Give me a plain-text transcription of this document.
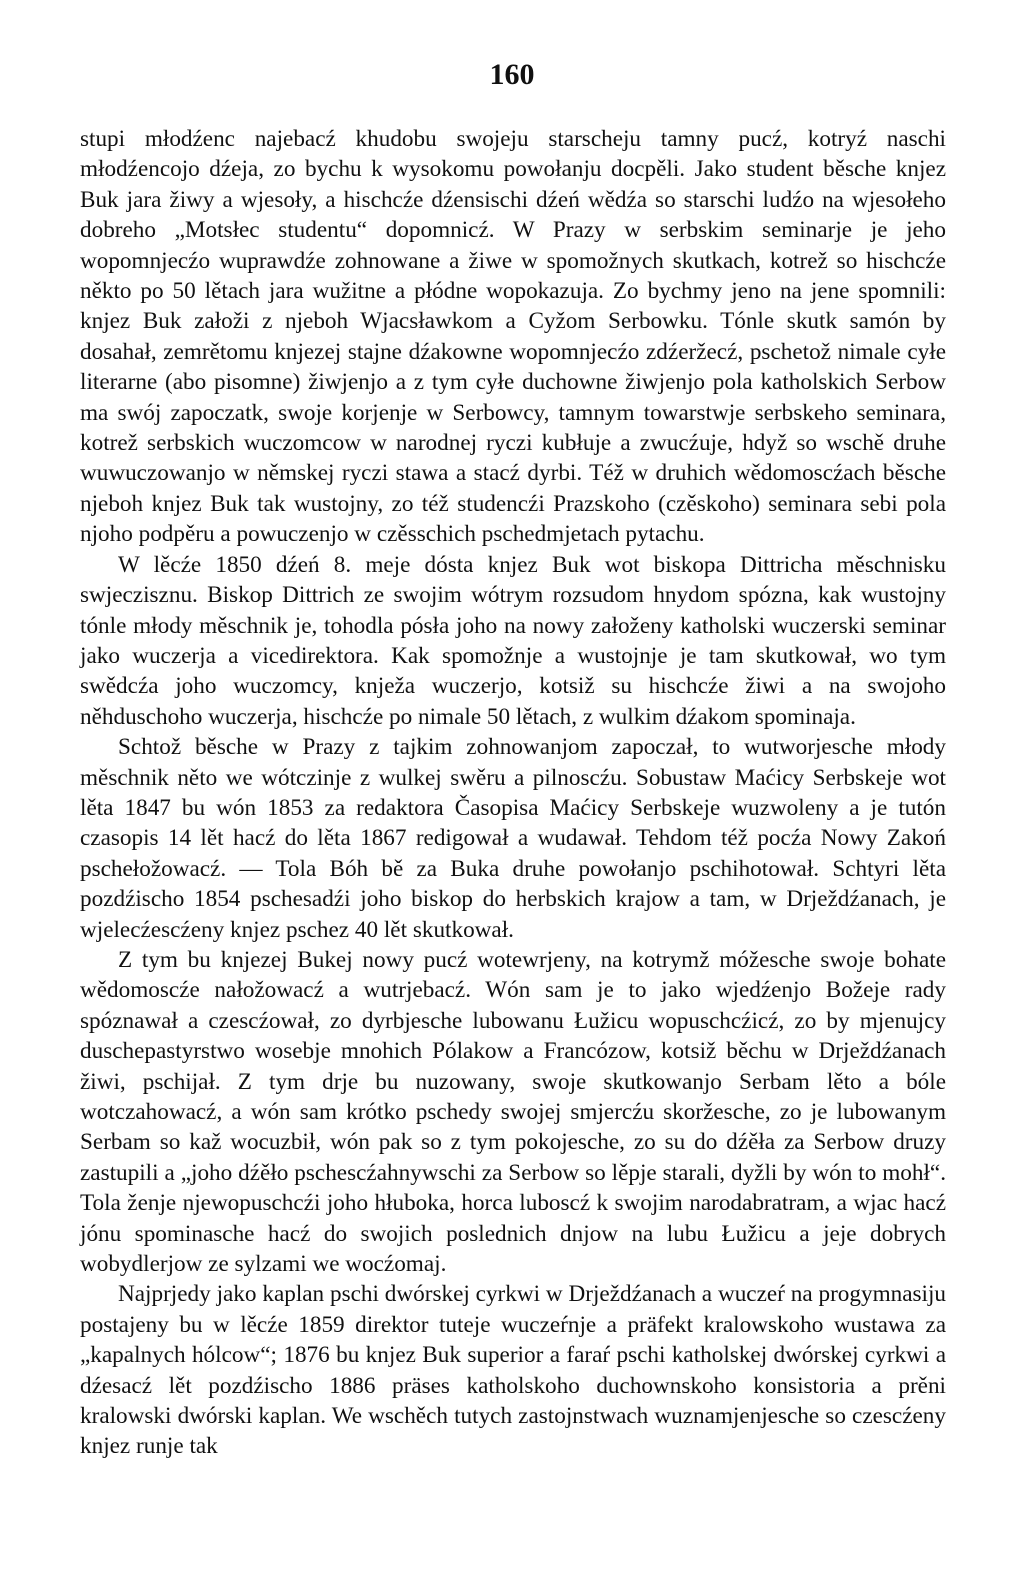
160

stupi młodźenc najebacź khudobu swojeju starscheju tamny pucź, kotryź naschi młodźencojo dźeja, zo bychu k wysokomu powołanju docpěli. Jako student běsche knjez Buk jara žiwy a wjesoły, a hischcźe dźensischi dźeń wědźa so starschi ludźo na wjesołeho dobreho „Motsłec studentu“ dopomnicź. W Prazy w serbskim seminarje je jeho wopomnjecźo wuprawdźe zohnowane a žiwe w spomožnych skutkach, kotrež so hischcźe někto po 50 lětach jara wužitne a płódne wopokazuja. Zo bychmy jeno na jene spomnili: knjez Buk załoži z njeboh Wjacsławkom a Cyžom Serbowku. Tónle skutk samón by dosahał, zemrětomu knjezej stajne dźakowne wopomnjecźo zdźeržecź, pschetož nimale cyłe literarne (abo pisomne) žiwjenjo a z tym cyłe duchowne žiwjenjo pola katholskich Serbow ma swój zapoczatk, swoje korjenje w Serbowcy, tamnym towarstwje serbskeho seminara, kotrež serbskich wuczomcow w narodnej ryczi kubłuje a zwucźuje, hdyž so wschě druhe wuwuczowanjo w němskej ryczi stawa a stacź dyrbi. Též w druhich wědomoscźach běsche njeboh knjez Buk tak wustojny, zo též studencźi Prazskoho (czěskoho) seminara sebi pola njoho podpěru a powuczenjo w czěsschich pschedmjetach pytachu.

W lěcźe 1850 dźeń 8. meje dósta knjez Buk wot biskopa Dittricha měschnisku swjeczisznu. Biskop Dittrich ze swojim wótrym rozsudom hnydom spózna, kak wustojny tónle młody měschnik je, tohodla pósła joho na nowy załoženy katholski wuczerski seminar jako wuczerja a vicedirektora. Kak spomožnje a wustojnje je tam skutkował, wo tym swědcźa joho wuczomcy, knježa wuczerjo, kotsiž su hischcźe žiwi a na swojoho něhduschoho wuczerja, hischcźe po nimale 50 lětach, z wulkim dźakom spominaja.

Schtož běsche w Prazy z tajkim zohnowanjom zapoczał, to wutworjesche młody měschnik něto we wótczinje z wulkej swěru a pilnoscźu. Sobustaw Maćicy Serbskeje wot lěta 1847 bu wón 1853 za redaktora Časopisa Maćicy Serbskeje wuzwoleny a je tutón czasopis 14 lět hacź do lěta 1867 redigował a wudawał. Tehdom též pocźa Nowy Zakoń pschełožowacź. — Tola Bóh bě za Buka druhe powołanjo pschihotował. Schtyri lěta pozdźischo 1854 pschesadźi joho biskop do herbskich krajow a tam, w Drježdźanach, je wjelecźescźeny knjez pschez 40 lět skutkował.

Z tym bu knjezej Bukej nowy pucź wotewrjeny, na kotrymž móžesche swoje bohate wědomoscźe nałožowacź a wutrjebacź. Wón sam je to jako wjedźenjo Božeje rady spóznawał a czescźował, zo dyrbjesche lubowanu Łužicu wopuschcźicź, zo by mjenujcy duschepastyrstwo wosebje mnohich Pólakow a Francózow, kotsiž běchu w Drježdźanach žiwi, pschijał. Z tym drje bu nuzowany, swoje skutkowanjo Serbam lěto a bóle wotczahowacź, a wón sam krótko pschedy swojej smjercźu skoržesche, zo je lubowanym Serbam so kaž wocuzbił, wón pak so z tym pokojesche, zo su do dźěła za Serbow druzy zastupili a „joho dźěło pschescźahnywschi za Serbow so lěpje starali, dyžli by wón to mohł“. Tola ženje njewopuschcźi joho hłuboka, horca luboscź k swojim narodabratram, a wjac hacź jónu spominasche hacź do swojich poslednich dnjow na lubu Łužicu a jeje dobrych wobydlerjow ze sylzami we wocźomaj.

Najprjedy jako kaplan pschi dwórskej cyrkwi w Drježdźanach a wuczeŕ na progymnasiju postajeny bu w lěcźe 1859 direktor tuteje wuczeŕnje a präfekt kralowskoho wustawa za „kapalnych hólcow“; 1876 bu knjez Buk superior a faraŕ pschi katholskej dwórskej cyrkwi a dźesacź lět pozdźischo 1886 präses katholskoho duchownskoho konsistoria a prěni kralowski dwórski kaplan. We wschěch tutych zastojnstwach wuznamjenjesche so czescźeny knjez runje tak
